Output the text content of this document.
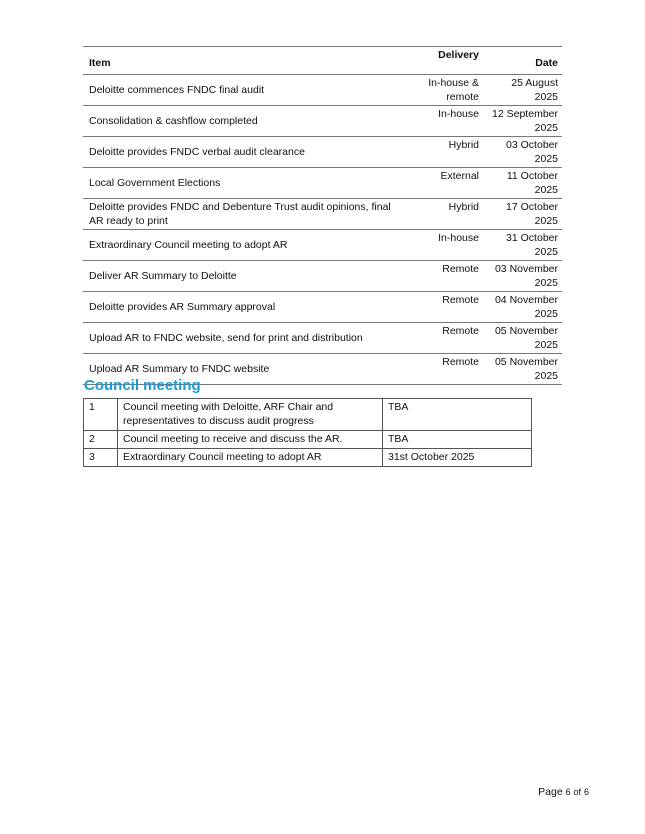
Item	Delivery	Date
Deloitte commences FNDC final audit	In-house & remote	25 August 2025
Consolidation & cashflow completed	In-house	12 September 2025
Deloitte provides FNDC verbal audit clearance	Hybrid	03 October 2025
Local Government Elections	External	11 October 2025
Deloitte provides FNDC and Debenture Trust audit opinions, final AR ready to print	Hybrid	17 October 2025
Extraordinary Council meeting to adopt AR	In-house	31 October 2025
Deliver AR Summary to Deloitte	Remote	03 November 2025
Deloitte provides AR Summary approval	Remote	04 November 2025
Upload AR to FNDC website, send for print and distribution	Remote	05 November 2025
Upload AR Summary to FNDC website	Remote	05 November 2025
Council meeting
1	Council meeting with Deloitte, ARF Chair and representatives to discuss audit progress	TBA
2	Council meeting to receive and discuss the AR.	TBA
3	Extraordinary Council meeting to adopt AR	31st October 2025
Page 6 of 6
